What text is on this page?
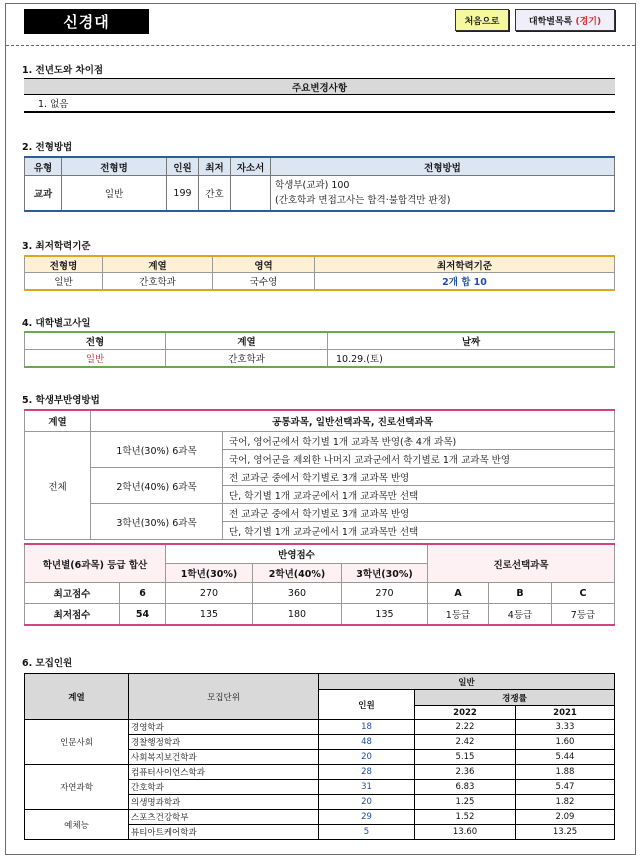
신경대	처음으로	대학별목록
(경기)
1. 전년도와 차이점
주요변경사항
1. 없음
2. 전형방법
유형	전형명	인원	최저	자소서	전형방법
교과	일반	199	간호		학생부(교과) 100
(간호학과 면접고사는 합격·불합격만 판정)
3. 최저학력기준
전형명	계열	영역	최저학력기준
일반	간호학과	국수영	2개 합 10
4. 대학별고사일
전형	계열	날짜
일반	간호학과	10.29.(토)
5. 학생부반영방법
계열	공통과목, 일반선택과목, 진로선택과목	
전체	1학년(30%) 6과목	국어, 영어군에서 학기별 1개 교과목 반영(총 4개 과목)
		국어, 영어군을 제외한 나머지 교과군에서 학기별로 1개 교과목 반영
	2학년(40%) 6과목	전 교과군 중에서 학기별로 3개 교과목 반영
		단, 학기별 1개 교과군에서 1개 교과목만 선택
	3학년(30%) 6과목	전 교과군 중에서 학기별로 3개 교과목 반영
		단, 학기별 1개 교과군에서 1개 교과목만 선택
학년별(6과목) 등급 합산		반영점수			진로선택과목		
		1학년(30%)	2학년(40%)	3학년(30%)			
최고점수	6	270	360	270	A	B	C
최저점수	54	135	180	135	1등급	4등급	7등급
6. 모집인원
계열	모집단위	일반		
		인원	경쟁률	
			2022	2021
인문사회	경영학과	18	2.22	3.33
	경찰행정학과	48	2.42	1.60
	사회복지보건학과	20	5.15	5.44
자연과학	컴퓨터사이언스학과	28	2.36	1.88
	간호학과	31	6.83	5.47
	의생명과학과	20	1.25	1.82
예체능	스포츠건강학부	29	1.52	2.09
	뷰티아트케어학과	5	13.60	13.25
